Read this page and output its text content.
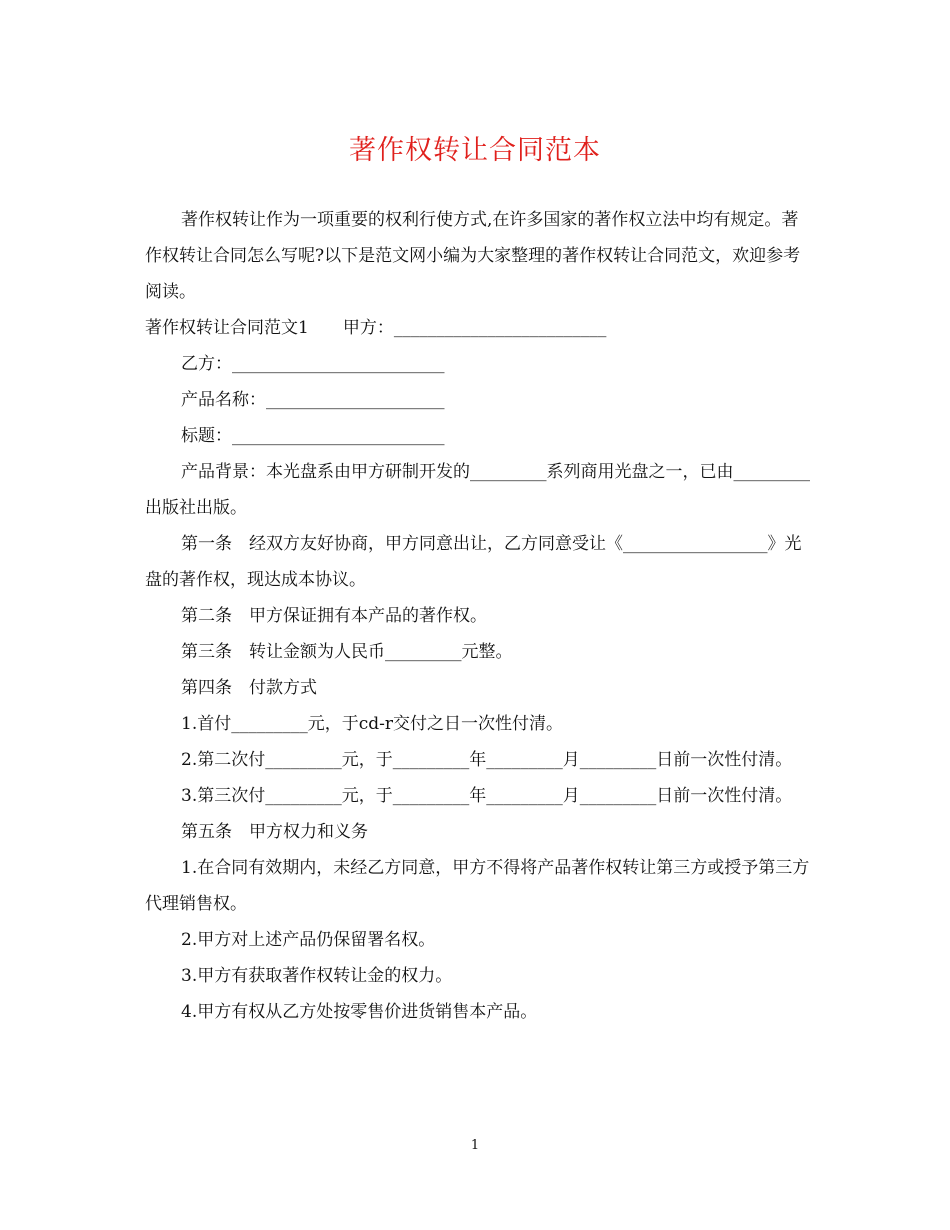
著作权转让合同范本

著作权转让作为一项重要的权利行使方式,在许多国家的著作权立法中均有规定。著作权转让合同怎么写呢?以下是范文网小编为大家整理的著作权转让合同范文，欢迎参考阅读。

著作权转让合同范文1　　甲方：_________________________

乙方：_________________________

产品名称：_____________________

标题：_________________________

产品背景：本光盘系由甲方研制开发的_________系列商用光盘之一，已由_________出版社出版。

第一条　经双方友好协商，甲方同意出让，乙方同意受让《_________________》光盘的著作权，现达成本协议。

第二条　甲方保证拥有本产品的著作权。

第三条　转让金额为人民币_________元整。

第四条　付款方式

1.首付_________元，于cd-r交付之日一次性付清。

2.第二次付_________元，于_________年_________月_________日前一次性付清。

3.第三次付_________元，于_________年_________月_________日前一次性付清。

第五条　甲方权力和义务

1.在合同有效期内，未经乙方同意，甲方不得将产品著作权转让第三方或授予第三方代理销售权。

2.甲方对上述产品仍保留署名权。

3.甲方有获取著作权转让金的权力。

4.甲方有权从乙方处按零售价进货销售本产品。

1
